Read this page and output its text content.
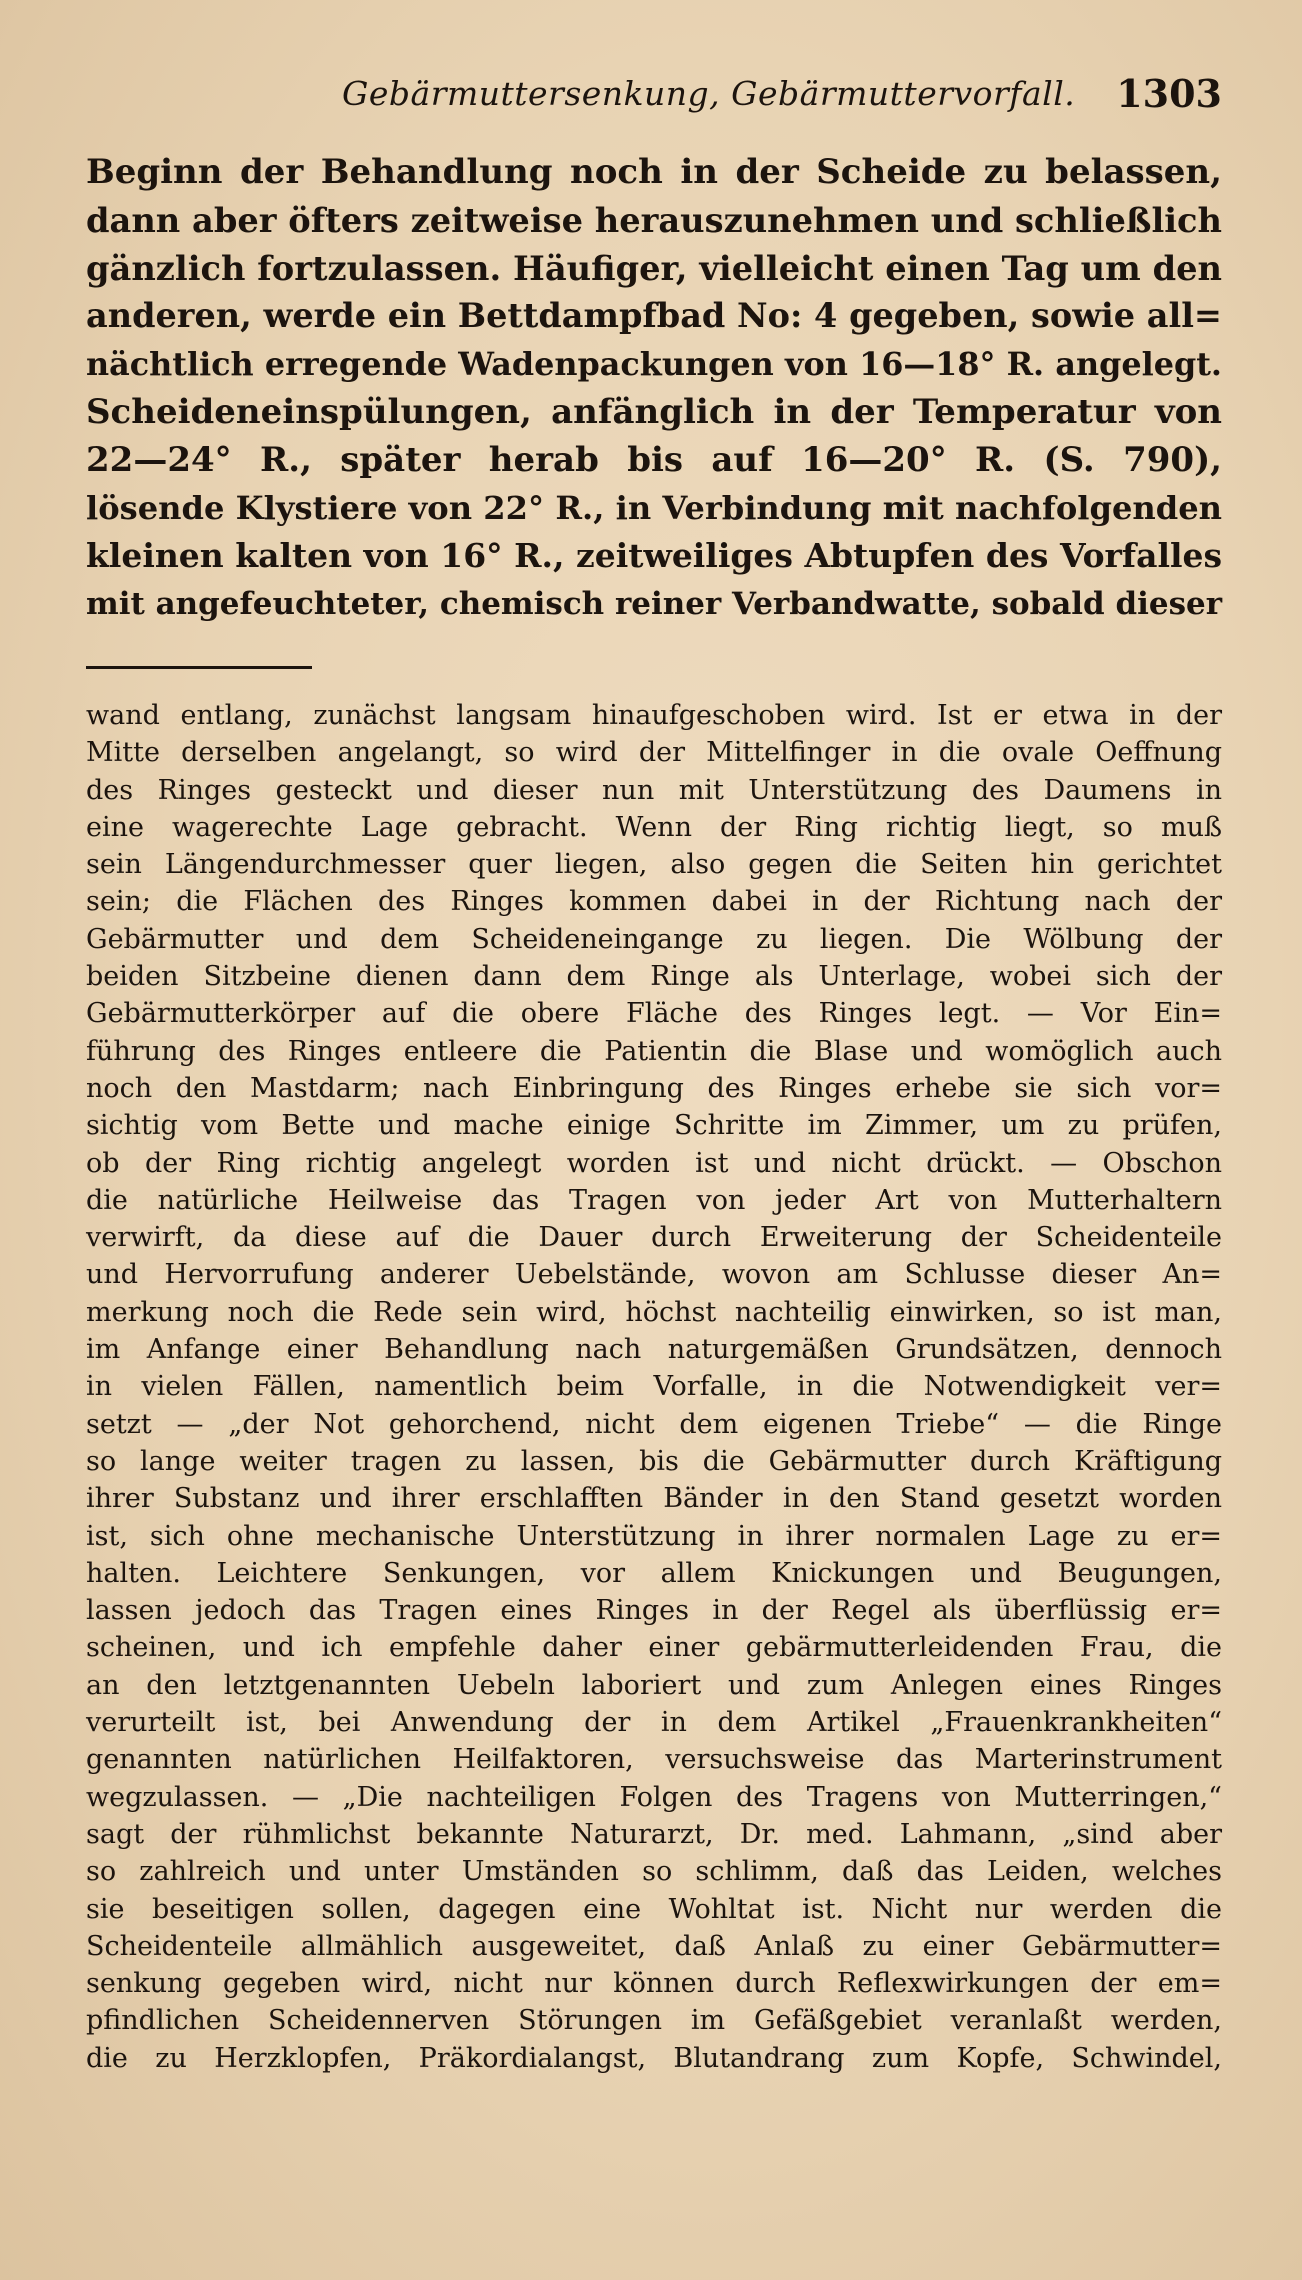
Gebärmuttersenkung, Gebärmuttervorfall. 1303
Beginn der Behandlung noch in der Scheide zu belassen,
dann aber öfters zeitweise herauszunehmen und schließlich
gänzlich fortzulassen. Häufiger, vielleicht einen Tag um den
anderen, werde ein Bettdampfbad No: 4 gegeben, sowie all=
nächtlich erregende Wadenpackungen von 16—18° R. angelegt.
Scheideneinspülungen, anfänglich in der Temperatur von
22—24° R., später herab bis auf 16—20° R. (S. 790),
lösende Klystiere von 22° R., in Verbindung mit nachfolgenden
kleinen kalten von 16° R., zeitweiliges Abtupfen des Vorfalles
mit angefeuchteter, chemisch reiner Verbandwatte, sobald dieser
wand entlang, zunächst langsam hinaufgeschoben wird. Ist er etwa in der
Mitte derselben angelangt, so wird der Mittelfinger in die ovale Oeffnung
des Ringes gesteckt und dieser nun mit Unterstützung des Daumens in
eine wagerechte Lage gebracht. Wenn der Ring richtig liegt, so muß
sein Längendurchmesser quer liegen, also gegen die Seiten hin gerichtet
sein; die Flächen des Ringes kommen dabei in der Richtung nach der
Gebärmutter und dem Scheideneingange zu liegen. Die Wölbung der
beiden Sitzbeine dienen dann dem Ringe als Unterlage, wobei sich der
Gebärmutterkörper auf die obere Fläche des Ringes legt. — Vor Ein=
führung des Ringes entleere die Patientin die Blase und womöglich auch
noch den Mastdarm; nach Einbringung des Ringes erhebe sie sich vor=
sichtig vom Bette und mache einige Schritte im Zimmer, um zu prüfen,
ob der Ring richtig angelegt worden ist und nicht drückt. — Obschon
die natürliche Heilweise das Tragen von jeder Art von Mutterhaltern
verwirft, da diese auf die Dauer durch Erweiterung der Scheidenteile
und Hervorrufung anderer Uebelstände, wovon am Schlusse dieser An=
merkung noch die Rede sein wird, höchst nachteilig einwirken, so ist man,
im Anfange einer Behandlung nach naturgemäßen Grundsätzen, dennoch
in vielen Fällen, namentlich beim Vorfalle, in die Notwendigkeit ver=
setzt — „der Not gehorchend, nicht dem eigenen Triebe“ — die Ringe
so lange weiter tragen zu lassen, bis die Gebärmutter durch Kräftigung
ihrer Substanz und ihrer erschlafften Bänder in den Stand gesetzt worden
ist, sich ohne mechanische Unterstützung in ihrer normalen Lage zu er=
halten. Leichtere Senkungen, vor allem Knickungen und Beugungen,
lassen jedoch das Tragen eines Ringes in der Regel als überflüssig er=
scheinen, und ich empfehle daher einer gebärmutterleidenden Frau, die
an den letztgenannten Uebeln laboriert und zum Anlegen eines Ringes
verurteilt ist, bei Anwendung der in dem Artikel „Frauenkrankheiten“
genannten natürlichen Heilfaktoren, versuchsweise das Marterinstrument
wegzulassen. — „Die nachteiligen Folgen des Tragens von Mutterringen,“
sagt der rühmlichst bekannte Naturarzt, Dr. med. Lahmann, „sind aber
so zahlreich und unter Umständen so schlimm, daß das Leiden, welches
sie beseitigen sollen, dagegen eine Wohltat ist. Nicht nur werden die
Scheidenteile allmählich ausgeweitet, daß Anlaß zu einer Gebärmutter=
senkung gegeben wird, nicht nur können durch Reflexwirkungen der em=
pfindlichen Scheidennerven Störungen im Gefäßgebiet veranlaßt werden,
die zu Herzklopfen, Präkordialangst, Blutandrang zum Kopfe, Schwindel,
